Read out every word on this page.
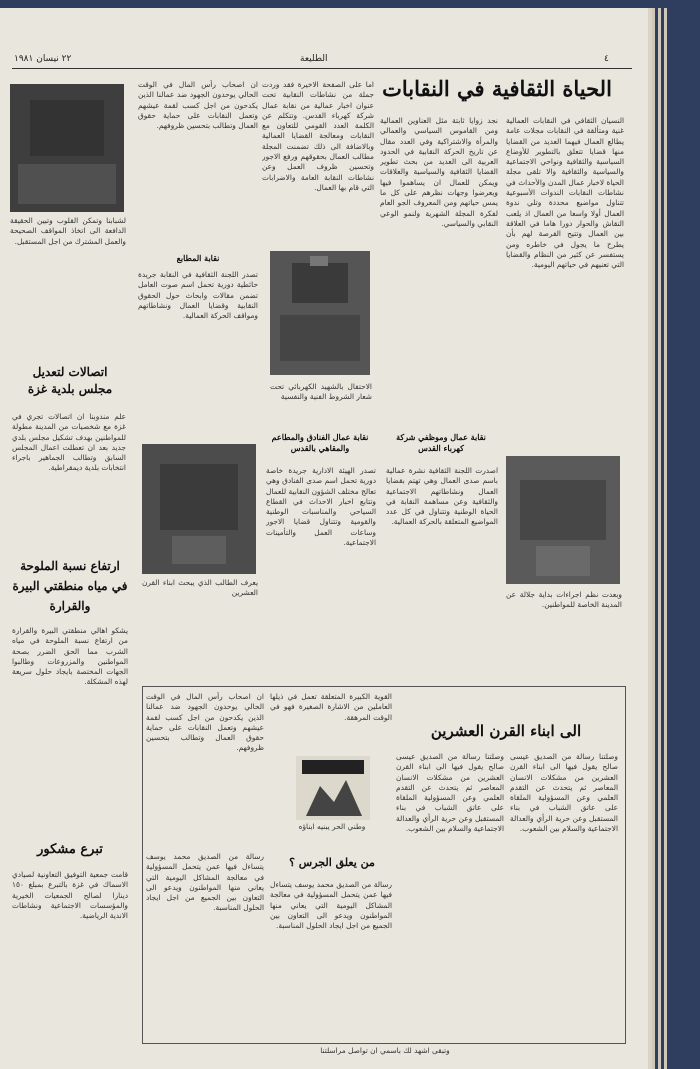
٢٢ نيسان ١٩٨١	الطليعة	٤
الحياة الثقافية في النقابات
النسيان الثقافي في النقابات العمالية غنية ومتألقة في النقابات مجلات عامة يطالع العمال فيهما العديد من القضايا منها قضايا تتعلق بالتطوير للأوضاع السياسية والثقافية ونواحي الاجتماعية والسياسية والثقافية والا تلقى مجلة الحياة لاخبار عمال المدن والأحداث في نشاطات النقابات الندوات الأسبوعية تتناول مواضيع محددة وتلي ندوة العمال أولا واسعا من العمال اذ يلعب النقاش والحوار دورا هاما في العلاقة بين العمال وتتيح الفرصة لهم بأن يطرح ما يجول في خاطره ومن يستفسر عن كثير من النظام والقضايا التي تعنيهم في حياتهم اليومية.
نجد زوايا ثابتة مثل العناوين العمالية ومن القاموس السياسي والعمالي والمرأة والاشتراكية وفي العدد مقال عن تاريخ الحركة النقابية في الحدود العربية الى العديد من بحث تطوير القضايا الثقافية والسياسية والعلاقات ويمكن للعمال ان يساهموا فيها ويعرضوا وجهات نظرهم على كل ما يمس حياتهم ومن المعروف الجو العام لفكرة المجلة الشهرية ولنمو الوعي النقابي والسياسي.
اما على الصفحة الاخيرة فقد وردت جملة من نشاطات النقابية تحت عنوان اخبار عمالية من نقابة عمال شركة كهرباء القدس. وتتكلم عن الكلمة العدد القومي للتعاون مع النقابات ومعالجة القضايا العمالية وبالاضافة الى ذلك تضمنت المجلة مطالب العمال بحقوقهم ورفع الاجور وتحسين ظروف العمل وعن نشاطات النقابة العامة والاضرابات التي قام بها العمال.
الاحتفال بالشهيد الكهربائي تحت شعار الشروط الفنية والنفسية
نقابة عمال الفنادق والمطاعم والمقاهي بالقدس
تصدر الهيئة الادارية جريدة خاصة دورية تحمل اسم صدى الفنادق وهي تعالج مختلف الشؤون النقابية للعمال وتتابع اخبار الاحداث في القطاع السياحي والمناسبات الوطنية والقومية وتتناول قضايا الاجور وساعات العمل والتأمينات الاجتماعية.
نقابة عمال وموظفي شركة كهرباء القدس
اصدرت اللجنة الثقافية نشرة عمالية باسم صدى العمال وهي تهتم بقضايا العمال ونشاطاتهم الاجتماعية والثقافية وعن مساهمة النقابة في الحياة الوطنية وتتناول في كل عدد المواضيع المتعلقة بالحركة العمالية.
وبعدت نظم اجراءات بداية جلالة عن المدينة الخاصة للمواطنين.
لشبابنا وتمكن القلوب وتبين الحقيقة الدافعة الى اتخاذ المواقف الصحيحة والعمل المشترك من اجل المستقبل.
ان اصحاب رأس المال في الوقت الحالي يوحدون الجهود ضد عمالنا الذين يكدحون من اجل كسب لقمة عيشهم وتعمل النقابات على حماية حقوق العمال وتطالب بتحسين ظروفهم.
نقابة المطابع
تصدر اللجنة الثقافية في النقابة جريدة حائطية دورية تحمل اسم صوت العامل تضمن مقالات وابحاث حول الحقوق النقابية وقضايا العمال ونشاطاتهم ومواقف الحركة العمالية.
يعرف الطالب الذي يبحث ابناء القرن العشرين
اتصالات لتعديل مجلس بلدية غزة
علم مندوبنا ان اتصالات تجري في غزة مع شخصيات من المدينة مطولة للمواطنين بهدف تشكيل مجلس بلدي جديد بعد ان تعطلت اعمال المجلس السابق وتطالب الجماهير باجراء انتخابات بلدية ديمقراطية.
ارتفاع نسبة الملوحة في مياه منطقتي البيرة والقرارة
يشكو اهالي منطقتي البيرة والقرارة من ارتفاع نسبة الملوحة في مياه الشرب مما الحق الضرر بصحة المواطنين والمزروعات وطالبوا الجهات المختصة بايجاد حلول سريعة لهذه المشكلة.
تبرع مشكور
قامت جمعية التوفيق التعاونية لصيادي الاسماك في غزة بالتبرع بمبلغ ١٥٠ دينارا لصالح الجمعيات الخيرية والمؤسسات الاجتماعية ونشاطات الاندية الرياضية.
الى ابناء القرن العشرين
وصلتنا رسالة من الصديق عيسى صالح يقول فيها الى ابناء القرن العشرين من مشكلات الانسان المعاصر ثم يتحدث عن التقدم العلمي وعن المسؤولية الملقاة على عاتق الشباب في بناء المستقبل وعن حرية الرأي والعدالة الاجتماعية والسلام بين الشعوب.
وصلتنا رسالة من الصديق عيسى صالح يقول فيها الى ابناء القرن العشرين من مشكلات الانسان المعاصر ثم يتحدث عن التقدم العلمي وعن المسؤولية الملقاة على عاتق الشباب في بناء المستقبل وعن حرية الرأي والعدالة الاجتماعية والسلام بين الشعوب.
القوية الكبيرة المتعلقة تعمل في ذيلها العاملين من الاشارة الصغيرة فهو في الوقت المرهقة.
وطني الحر يبنيه ابناؤه
من يعلق الجرس ؟
رسالة من الصديق محمد يوسف يتساءل فيها عمن يتحمل المسؤولية في معالجة المشاكل اليومية التي يعاني منها المواطنون ويدعو الى التعاون بين الجميع من اجل ايجاد الحلول المناسبة.
رسالة من الصديق محمد يوسف يتساءل فيها عمن يتحمل المسؤولية في معالجة المشاكل اليومية التي يعاني منها المواطنون ويدعو الى التعاون بين الجميع من اجل ايجاد الحلول المناسبة.
ان اصحاب رأس المال في الوقت الحالي يوحدون الجهود ضد عمالنا الذين يكدحون من اجل كسب لقمة عيشهم وتعمل النقابات على حماية حقوق العمال وتطالب بتحسين ظروفهم.
وتبقى اشهد لك باسمي ان تواصل مراسلتنا
